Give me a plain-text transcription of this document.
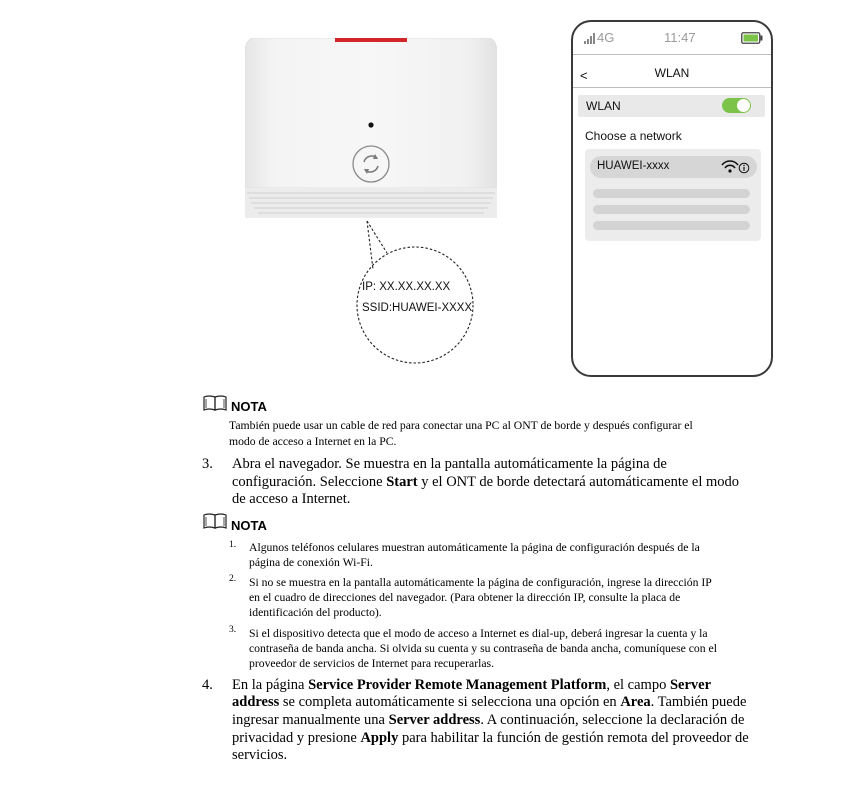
IP: XX.XX.XX.XX
SSID:HUAWEI-XXXX
4G	11:47
<	WLAN
WLAN
Choose a network
HUAWEI-xxxx
NOTA
También puede usar un cable de red para conectar una PC al ONT de borde y después configurar el
modo de acceso a Internet en la PC.
3. Abra el navegador. Se muestra en la pantalla automáticamente la página de
configuración. Seleccione Start y el ONT de borde detectará automáticamente el modo
de acceso a Internet.
NOTA
1. Algunos teléfonos celulares muestran automáticamente la página de configuración después de la
página de conexión Wi-Fi.
2. Si no se muestra en la pantalla automáticamente la página de configuración, ingrese la dirección IP
en el cuadro de direcciones del navegador. (Para obtener la dirección IP, consulte la placa de
identificación del producto).
3. Si el dispositivo detecta que el modo de acceso a Internet es dial-up, deberá ingresar la cuenta y la
contraseña de banda ancha. Si olvida su cuenta y su contraseña de banda ancha, comuníquese con el
proveedor de servicios de Internet para recuperarlas.
4. En la página Service Provider Remote Management Platform, el campo Server
address se completa automáticamente si selecciona una opción en Area. También puede
ingresar manualmente una Server address. A continuación, seleccione la declaración de
privacidad y presione Apply para habilitar la función de gestión remota del proveedor de
servicios.
